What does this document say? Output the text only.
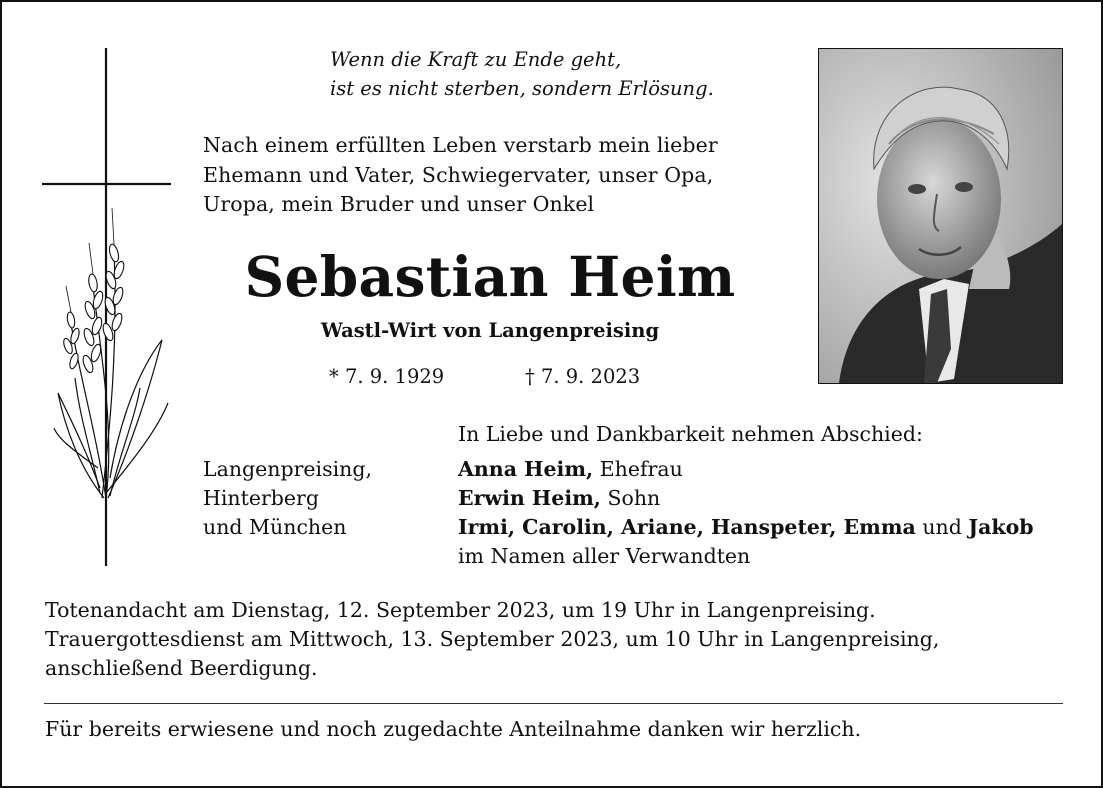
Wenn die Kraft zu Ende geht,
ist es nicht sterben, sondern Erlösung.
Nach einem erfüllten Leben verstarb mein lieber
Ehemann und Vater, Schwiegervater, unser Opa,
Uropa, mein Bruder und unser Onkel
Sebastian Heim
Wastl-Wirt von Langenpreising
* 7. 9. 1929	† 7. 9. 2023
In Liebe und Dankbarkeit nehmen Abschied:
Langenpreising,
Hinterberg
und München
Anna Heim, Ehefrau
Erwin Heim, Sohn
Irmi, Carolin, Ariane, Hanspeter, Emma und Jakob
im Namen aller Verwandten
Totenandacht am Dienstag, 12. September 2023, um 19 Uhr in Langenpreising.
Trauergottesdienst am Mittwoch, 13. September 2023, um 10 Uhr in Langenpreising,
anschließend Beerdigung.
Für bereits erwiesene und noch zugedachte Anteilnahme danken wir herzlich.
